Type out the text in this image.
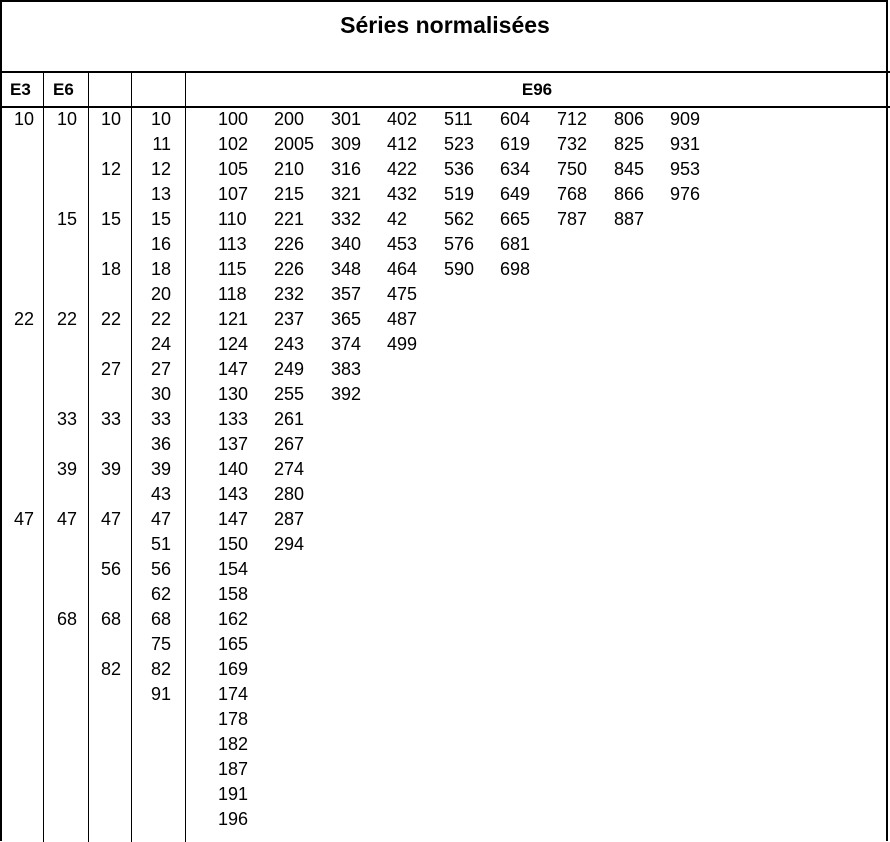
Séries normalisées
E3 E6	E96
10
22
47
10
15
22
33
39
47
68
10
12
15
18
22
27
33
39
47
56
68
82
10
11
12
13
15
16
18
20
22
24
27
30
33
36
39
43
47
51
56
62
68
75
82
91
100
102
105
107
110
113
115
118
121
124
147
130
133
137
140
143
147
150
154
158
162
165
169
174
178
182
187
191
196
200
2005
210
215
221
226
226
232
237
243
249
255
261
267
274
280
287
294
301
309
316
321
332
340
348
357
365
374
383
392
402
412
422
432
42
453
464
475
487
499
511
523
536
519
562
576
590
604
619
634
649
665
681
698
712
732
750
768
787
806
825
845
866
887
909
931
953
976
